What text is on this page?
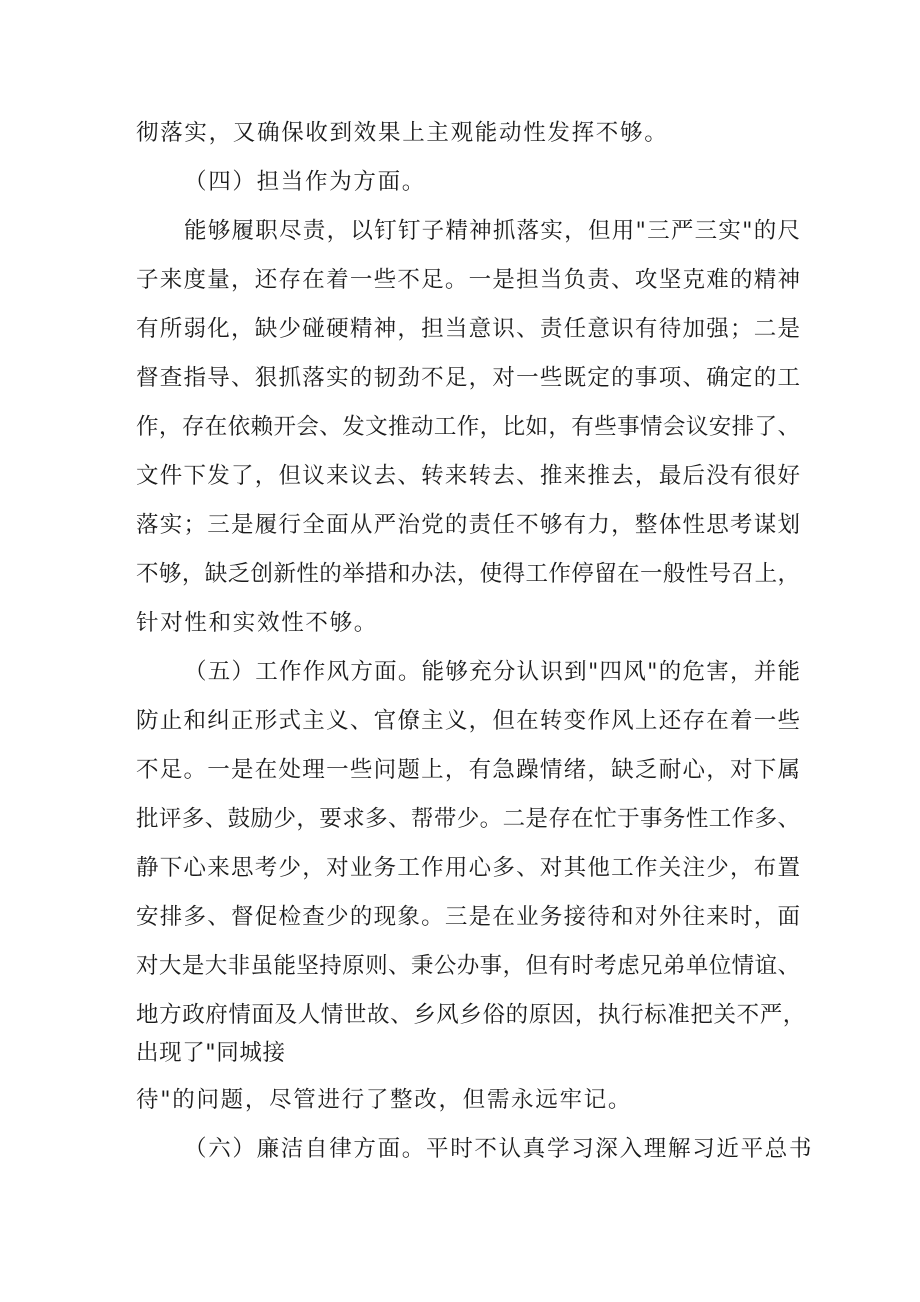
彻落实，又确保收到效果上主观能动性发挥不够。
（四）担当作为方面。
能够履职尽责，以钉钉子精神抓落实，但用"三严三实"的尺
子来度量，还存在着一些不足。一是担当负责、攻坚克难的精神
有所弱化，缺少碰硬精神，担当意识、责任意识有待加强；二是
督查指导、狠抓落实的韧劲不足，对一些既定的事项、确定的工
作，存在依赖开会、发文推动工作，比如，有些事情会议安排了、
文件下发了，但议来议去、转来转去、推来推去，最后没有很好
落实；三是履行全面从严治党的责任不够有力，整体性思考谋划
不够，缺乏创新性的举措和办法，使得工作停留在一般性号召上，
针对性和实效性不够。
（五）工作作风方面。能够充分认识到"四风"的危害，并能
防止和纠正形式主义、官僚主义，但在转变作风上还存在着一些
不足。一是在处理一些问题上，有急躁情绪，缺乏耐心，对下属
批评多、鼓励少，要求多、帮带少。二是存在忙于事务性工作多、
静下心来思考少，对业务工作用心多、对其他工作关注少，布置
安排多、督促检查少的现象。三是在业务接待和对外往来时，面
对大是大非虽能坚持原则、秉公办事，但有时考虑兄弟单位情谊、
地方政府情面及人情世故、乡风乡俗的原因，执行标准把关不严，
出现了"同城接
待"的问题，尽管进行了整改，但需永远牢记。
（六）廉洁自律方面。平时不认真学习深入理解习近平总书
